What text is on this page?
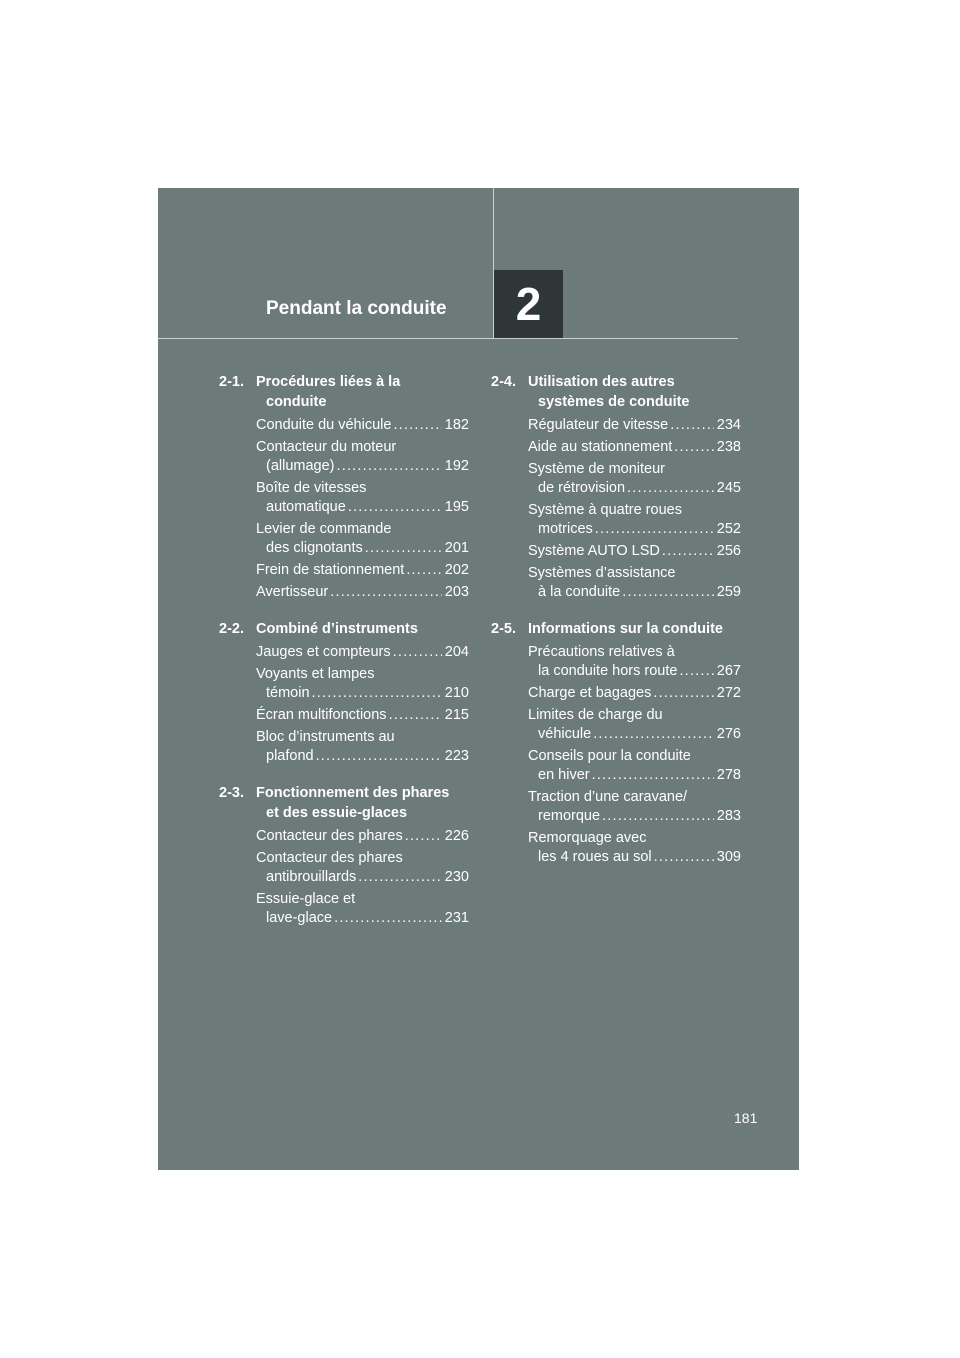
Pendant la conduite 2
2-1. Procédures liées à la
conduite
Conduite du véhicule .....	182
Contacteur du moteur
(allumage) .....	192
Boîte de vitesses
automatique .....	195
Levier de commande
des clignotants .....	201
Frein de stationnement .....	202
Avertisseur .....	203
2-2. Combiné d’instruments
Jauges et compteurs .....	204
Voyants et lampes
témoin .....	210
Écran multifonctions .....	215
Bloc d’instruments au
plafond .....	223
2-3. Fonctionnement des phares
et des essuie-glaces
Contacteur des phares .....	226
Contacteur des phares
antibrouillards .....	230
Essuie-glace et
lave-glace .....	231
2-4. Utilisation des autres
systèmes de conduite
Régulateur de vitesse .....	234
Aide au stationnement .....	238
Système de moniteur
de rétrovision .....	245
Système à quatre roues
motrices .....	252
Système AUTO LSD .....	256
Systèmes d’assistance
à la conduite .....	259
2-5. Informations sur la conduite
Précautions relatives à
la conduite hors route .....	267
Charge et bagages .....	272
Limites de charge du
véhicule .....	276
Conseils pour la conduite
en hiver .....	278
Traction d’une caravane/
remorque .....	283
Remorquage avec
les 4 roues au sol .....	309
181
